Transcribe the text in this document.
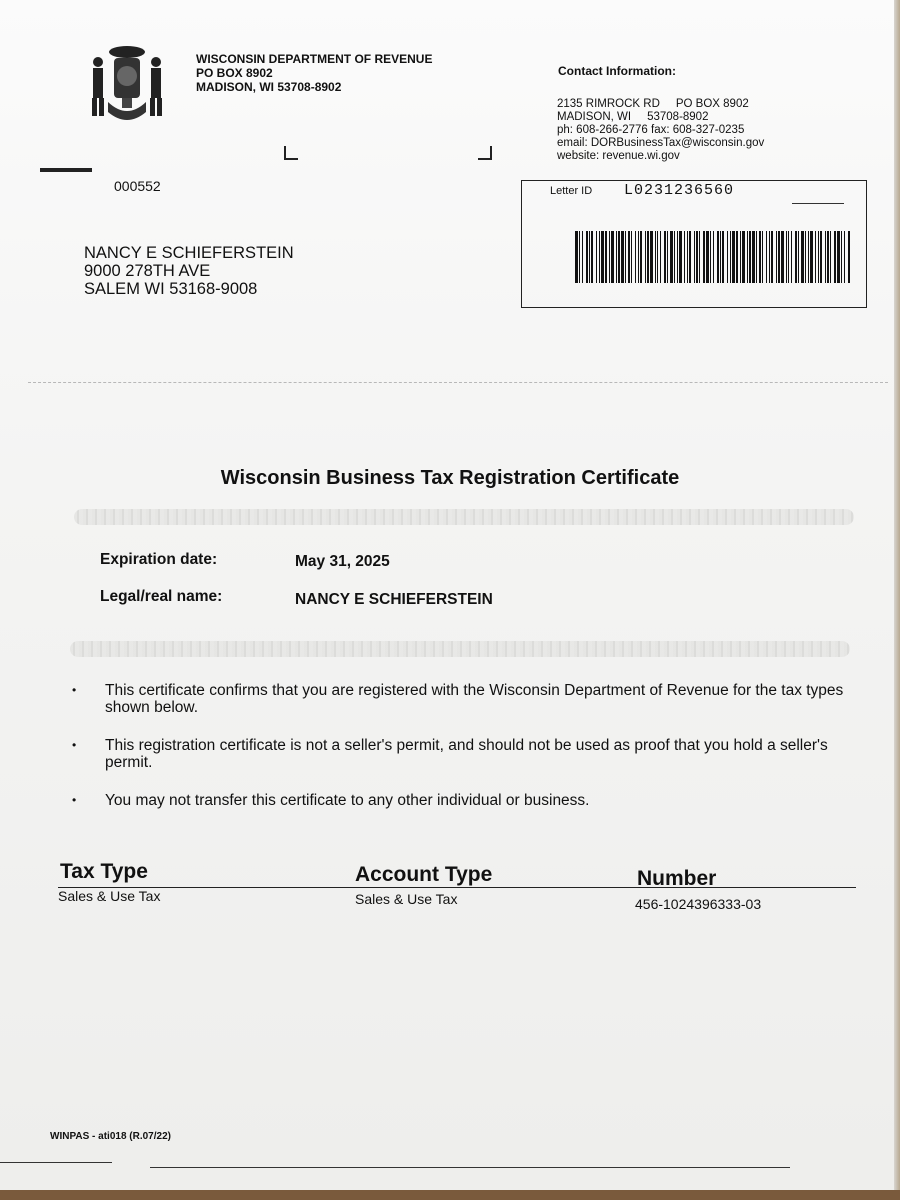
WISCONSIN DEPARTMENT OF REVENUE
PO BOX 8902
MADISON, WI 53708-8902
Contact Information:
2135 RIMROCK RD     PO BOX 8902
MADISON, WI     53708-8902
ph: 608-266-2776 fax: 608-327-0235
email: DORBusinessTax@wisconsin.gov
website: revenue.wi.gov
000552	Letter ID L0231236560
NANCY E SCHIEFERSTEIN
9000 278TH AVE
SALEM WI 53168-9008
Wisconsin Business Tax Registration Certificate
Expiration date:	May 31, 2025
Legal/real name:	NANCY E SCHIEFERSTEIN
• This certificate confirms that you are registered with the Wisconsin Department of Revenue for the tax types shown below.
• This registration certificate is not a seller's permit, and should not be used as proof that you hold a seller's permit.
• You may not transfer this certificate to any other individual or business.
Tax Type	Account Type	Number
Sales & Use Tax	Sales & Use Tax	456-1024396333-03
WINPAS - ati018 (R.07/22)
